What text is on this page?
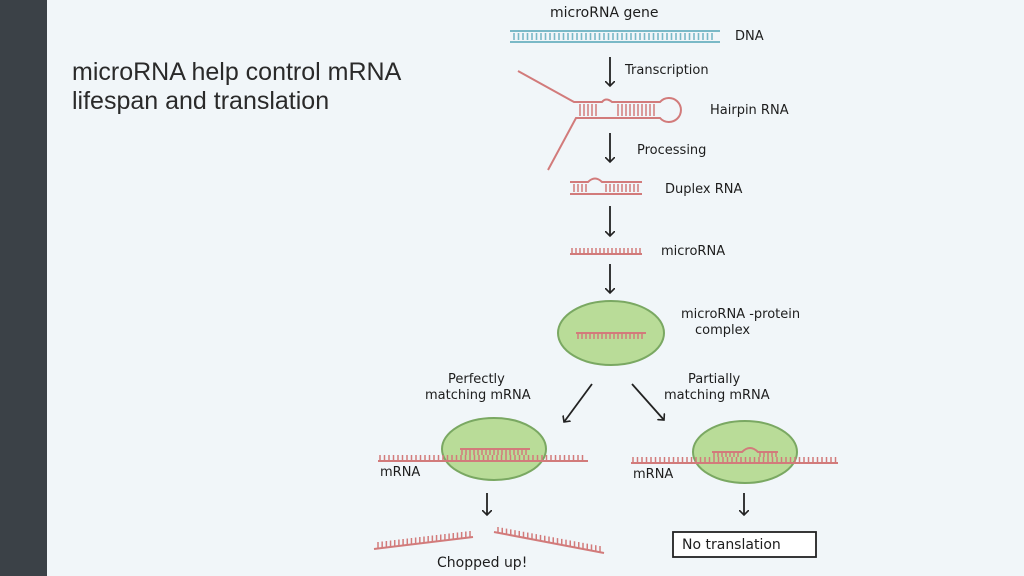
microRNA help control mRNA
lifespan and translation
microRNA gene
DNA
Transcription
Hairpin RNA
Processing
Duplex RNA
microRNA
microRNA -protein
complex
Perfectly
matching mRNA
Partially
matching mRNA
mRNA	mRNA
Chopped up!
No translation
